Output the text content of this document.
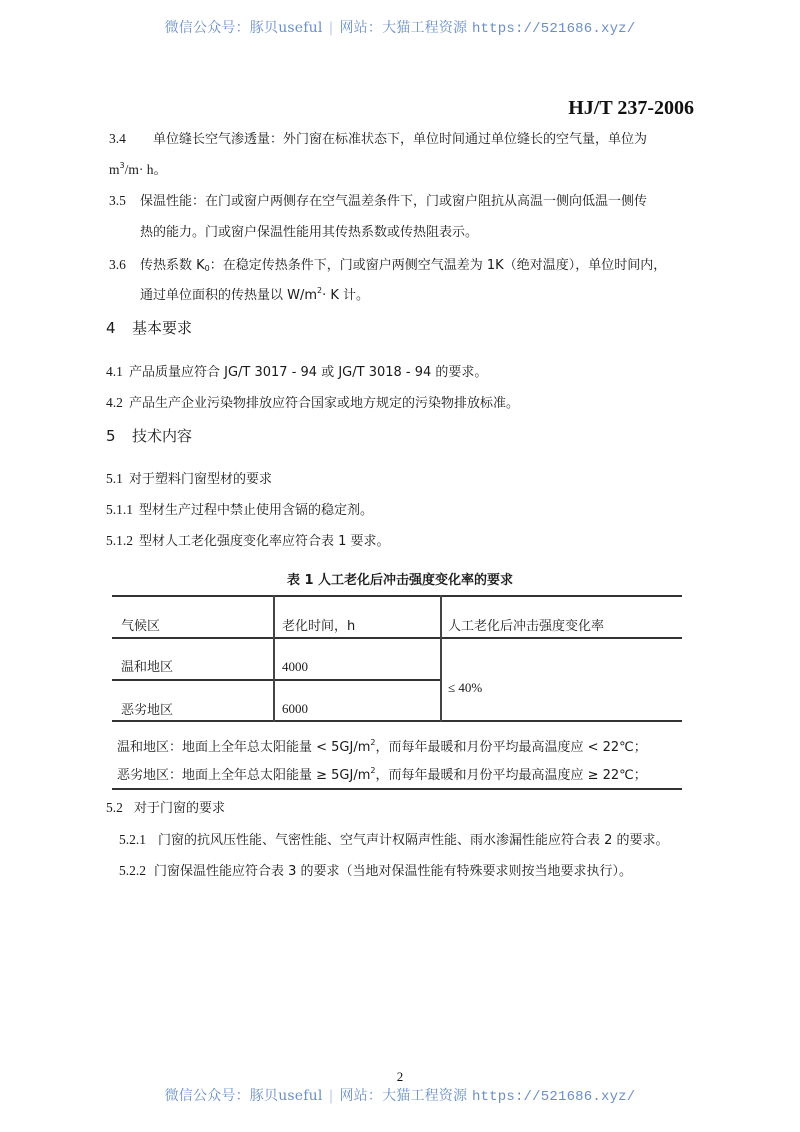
微信公众号：豚贝useful | 网站：大猫工程资源 https://521686.xyz/
HJ/T 237-2006
3.4 单位缝长空气渗透量：外门窗在标准状态下，单位时间通过单位缝长的空气量，单位为
$m^3/m\cdot h$。
3.5 保温性能：在门或窗户两侧存在空气温差条件下，门或窗户阻抗从高温一侧向低温一侧传
热的能力。门或窗户保温性能用其传热系数或传热阻表示。
3.6 传热系数 $K_0$：在稳定传热条件下，门或窗户两侧空气温差为 1K（绝对温度），单位时间内，
通过单位面积的传热量以 $W/m^2\cdot K$ 计。
4 基本要求
4.1 产品质量应符合 JG/T 3017 - 94 或 JG/T 3018 - 94 的要求。
4.2 产品生产企业污染物排放应符合国家或地方规定的污染物排放标准。
5 技术内容
5.1 对于塑料门窗型材的要求
5.1.1 型材生产过程中禁止使用含镉的稳定剂。
5.1.2 型材人工老化强度变化率应符合表 1 要求。
表 1 人工老化后冲击强度变化率的要求
气候区	老化时间，h	人工老化后冲击强度变化率
温和地区	4000
恶劣地区	6000
≤ 40%
温和地区：地面上全年总太阳能量 < $5GJ/m^2$，而每年最暖和月份平均最高温度应 < 22℃；
恶劣地区：地面上全年总太阳能量 ≥ $5GJ/m^2$，而每年最暖和月份平均最高温度应 ≥ 22℃；
5.2 对于门窗的要求
5.2.1 门窗的抗风压性能、气密性能、空气声计权隔声性能、雨水渗漏性能应符合表 2 的要求。
5.2.2 门窗保温性能应符合表 3 的要求（当地对保温性能有特殊要求则按当地要求执行）。
2
微信公众号：豚贝useful | 网站：大猫工程资源 https://521686.xyz/
